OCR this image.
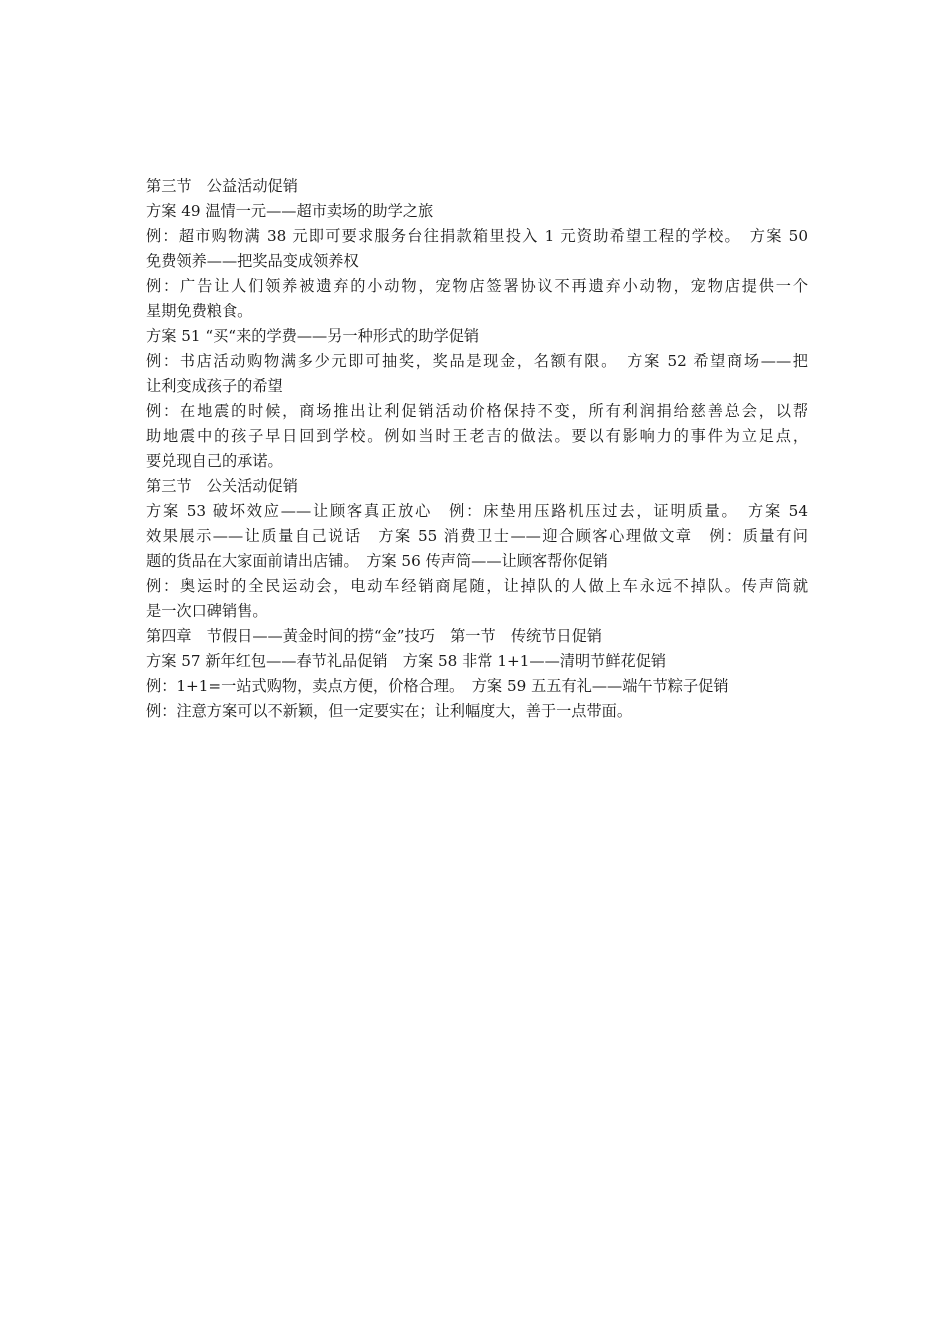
第三节　公益活动促销
方案 49 温情一元——超市卖场的助学之旅
例：超市购物满 38 元即可要求服务台往捐款箱里投入 1 元资助希望工程的学校。　方案 50
免费领养——把奖品变成领养权
例：广告让人们领养被遗弃的小动物，宠物店签署协议不再遗弃小动物，宠物店提供一个
星期免费粮食。
方案 51 “买“来的学费——另一种形式的助学促销
例：书店活动购物满多少元即可抽奖，奖品是现金，名额有限。　方案 52 希望商场——把
让利变成孩子的希望
例：在地震的时候，商场推出让利促销活动价格保持不变，所有利润捐给慈善总会，以帮
助地震中的孩子早日回到学校。例如当时王老吉的做法。要以有影响力的事件为立足点，
要兑现自己的承诺。
第三节　公关活动促销
方案 53 破坏效应——让顾客真正放心　例：床垫用压路机压过去，证明质量。　方案 54
效果展示——让质量自己说话　方案 55 消费卫士——迎合顾客心理做文章　例：质量有问
题的货品在大家面前请出店铺。　方案 56 传声筒——让顾客帮你促销
例：奥运时的全民运动会，电动车经销商尾随，让掉队的人做上车永远不掉队。传声筒就
是一次口碑销售。
第四章　节假日——黄金时间的捞“金”技巧　第一节　传统节日促销
方案 57 新年红包——春节礼品促销　方案 58 非常 1+1——清明节鲜花促销
例：1+1=一站式购物，卖点方便，价格合理。　方案 59 五五有礼——端午节粽子促销
例：注意方案可以不新颖，但一定要实在；让利幅度大，善于一点带面。
